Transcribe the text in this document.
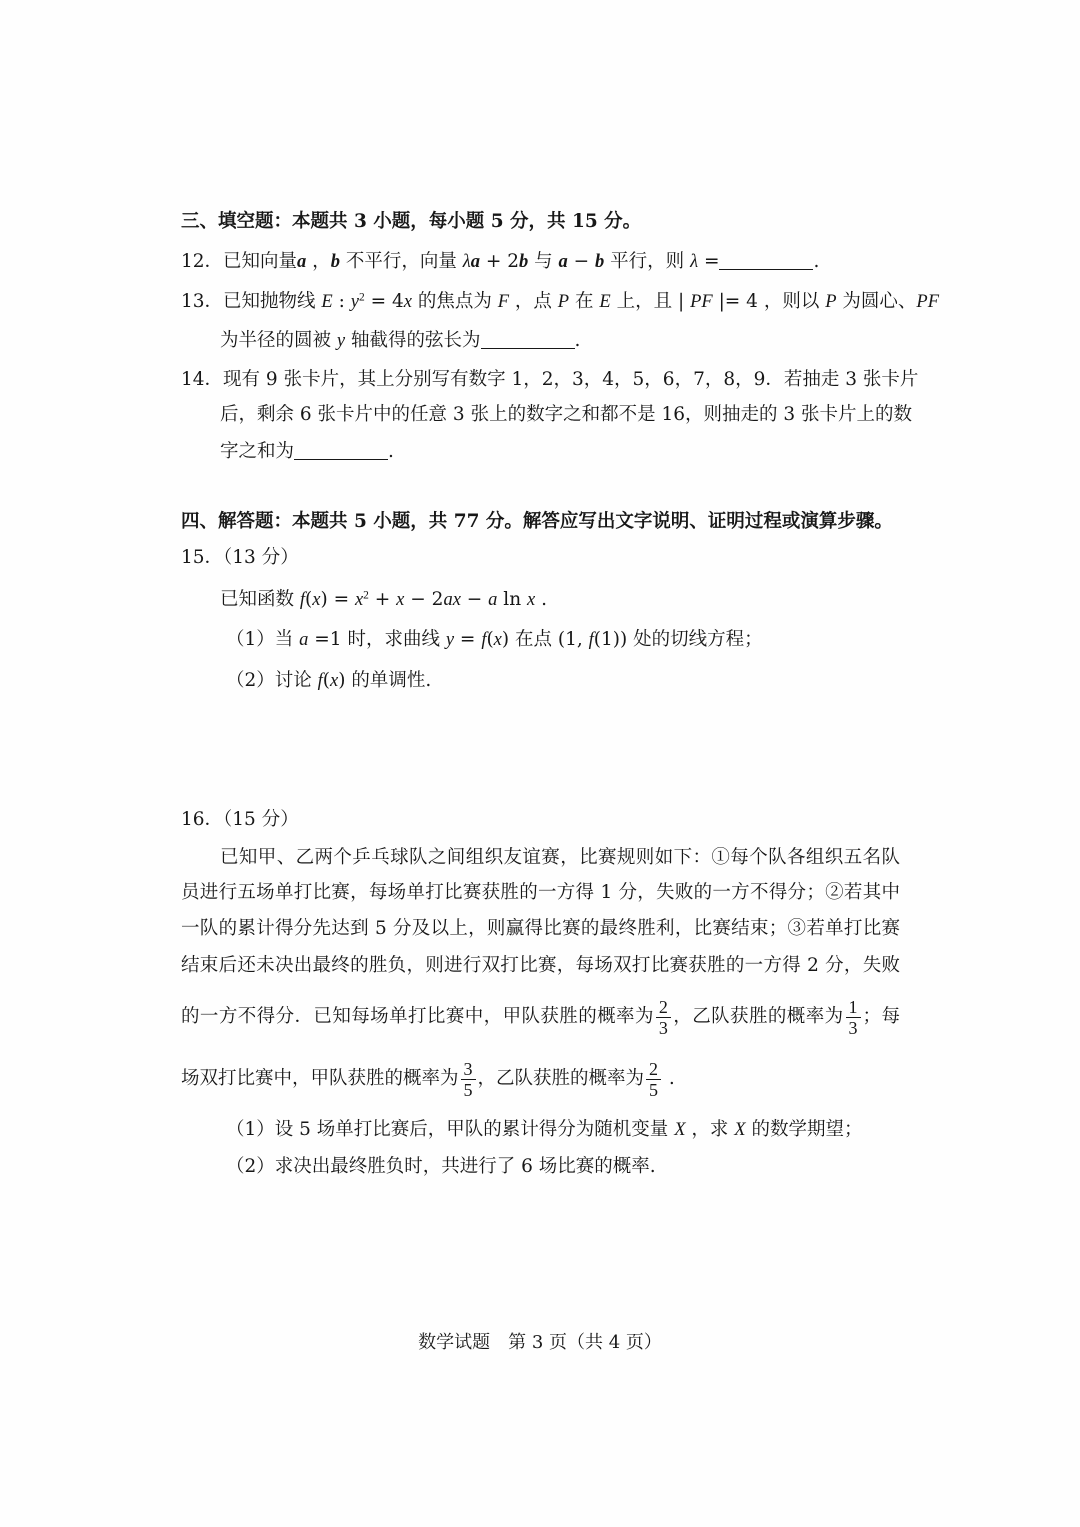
三、填空题：本题共 3 小题，每小题 5 分，共 15 分。
12．已知向量a ，b 不平行，向量 λa + 2b 与 a − b 平行，则 λ =	.
13．已知抛物线 E : $y^2 = 4x$ 的焦点为 F ，点 P 在 E 上，且 | PF |= 4 ，则以 P 为圆心、PF
为半径的圆被 y 轴截得的弦长为	.
14．现有 9 张卡片，其上分别写有数字 1，2，3，4，5，6，7，8，9．若抽走 3 张卡片
后，剩余 6 张卡片中的任意 3 张上的数字之和都不是 16，则抽走的 3 张卡片上的数
字之和为	.
四、解答题：本题共 5 小题，共 77 分。解答应写出文字说明、证明过程或演算步骤。
15．（13 分）
已知函数 $f(x) = x^2 + x - 2ax - a$ ln x .
（1）当 a =1 时，求曲线 y = f(x) 在点 (1, f(1)) 处的切线方程；
（2）讨论 f(x) 的单调性.
16．（15 分）
已知甲、乙两个乒乓球队之间组织友谊赛，比赛规则如下：①每个队各组织五名队
员进行五场单打比赛，每场单打比赛获胜的一方得 1 分，失败的一方不得分；②若其中
一队的累计得分先达到 5 分及以上，则赢得比赛的最终胜利，比赛结束；③若单打比赛
结束后还未决出最终的胜负，则进行双打比赛，每场双打比赛获胜的一方得 2 分，失败
的一方不得分．已知每场单打比赛中，甲队获胜的概率为 $\frac{2}{3}$ ，乙队获胜的概率为 $\frac{1}{3}$ ；每
场双打比赛中，甲队获胜的概率为 $\frac{3}{5}$ ，乙队获胜的概率为 $\frac{2}{5}$ .
（1）设 5 场单打比赛后，甲队的累计得分为随机变量 X ，求 X 的数学期望；
（2）求决出最终胜负时，共进行了 6 场比赛的概率.
数学试题　第 3 页（共 4 页）
